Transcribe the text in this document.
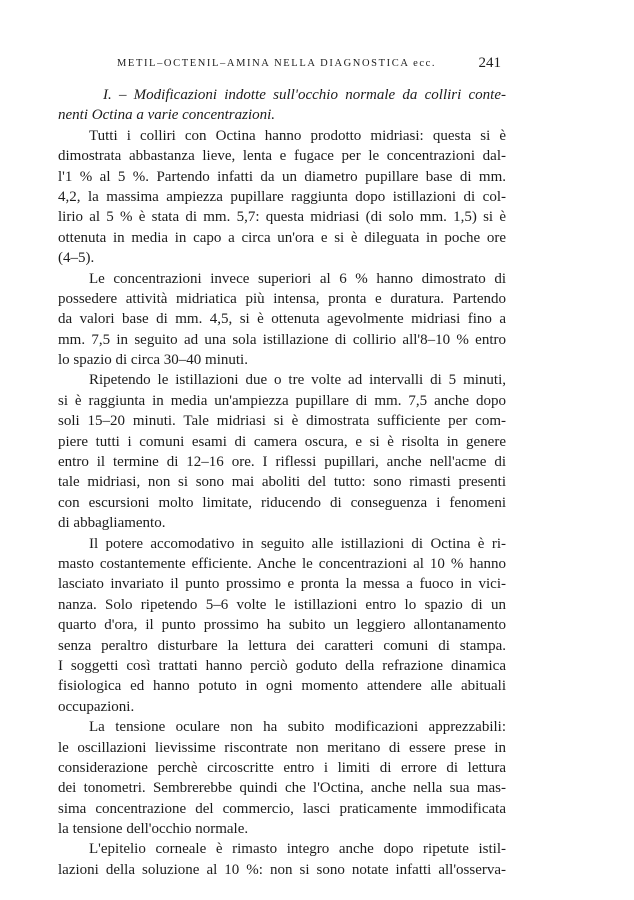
METIL–OCTENIL–AMINA NELLA DIAGNOSTICA ecc.	241

I. – Modificazioni indotte sull'occhio normale da colliri conte-
nenti Octina a varie concentrazioni.

Tutti i colliri con Octina hanno prodotto midriasi: questa si è
dimostrata abbastanza lieve, lenta e fugace per le concentrazioni dal-
l'1 % al 5 %. Partendo infatti da un diametro pupillare base di mm.
4,2, la massima ampiezza pupillare raggiunta dopo istillazioni di col-
lirio al 5 % è stata di mm. 5,7: questa midriasi (di solo mm. 1,5) si è
ottenuta in media in capo a circa un'ora e si è dileguata in poche ore
(4–5).

Le concentrazioni invece superiori al 6 % hanno dimostrato di
possedere attività midriatica più intensa, pronta e duratura. Partendo
da valori base di mm. 4,5, si è ottenuta agevolmente midriasi fino a
mm. 7,5 in seguito ad una sola istillazione di collirio all'8–10 % entro
lo spazio di circa 30–40 minuti.

Ripetendo le istillazioni due o tre volte ad intervalli di 5 minuti,
si è raggiunta in media un'ampiezza pupillare di mm. 7,5 anche dopo
soli 15–20 minuti. Tale midriasi si è dimostrata sufficiente per com-
piere tutti i comuni esami di camera oscura, e si è risolta in genere
entro il termine di 12–16 ore. I riflessi pupillari, anche nell'acme di
tale midriasi, non si sono mai aboliti del tutto: sono rimasti presenti
con escursioni molto limitate, riducendo di conseguenza i fenomeni
di abbagliamento.

Il potere accomodativo in seguito alle istillazioni di Octina è ri-
masto costantemente efficiente. Anche le concentrazioni al 10 % hanno
lasciato invariato il punto prossimo e pronta la messa a fuoco in vici-
nanza. Solo ripetendo 5–6 volte le istillazioni entro lo spazio di un
quarto d'ora, il punto prossimo ha subito un leggiero allontanamento
senza peraltro disturbare la lettura dei caratteri comuni di stampa.
I soggetti così trattati hanno perciò goduto della refrazione dinamica
fisiologica ed hanno potuto in ogni momento attendere alle abituali
occupazioni.

La tensione oculare non ha subito modificazioni apprezzabili:
le oscillazioni lievissime riscontrate non meritano di essere prese in
considerazione perchè circoscritte entro i limiti di errore di lettura
dei tonometri. Sembrerebbe quindi che l'Octina, anche nella sua mas-
sima concentrazione del commercio, lasci praticamente immodificata
la tensione dell'occhio normale.

L'epitelio corneale è rimasto integro anche dopo ripetute istil-
lazioni della soluzione al 10 %: non si sono notate infatti all'osserva-
